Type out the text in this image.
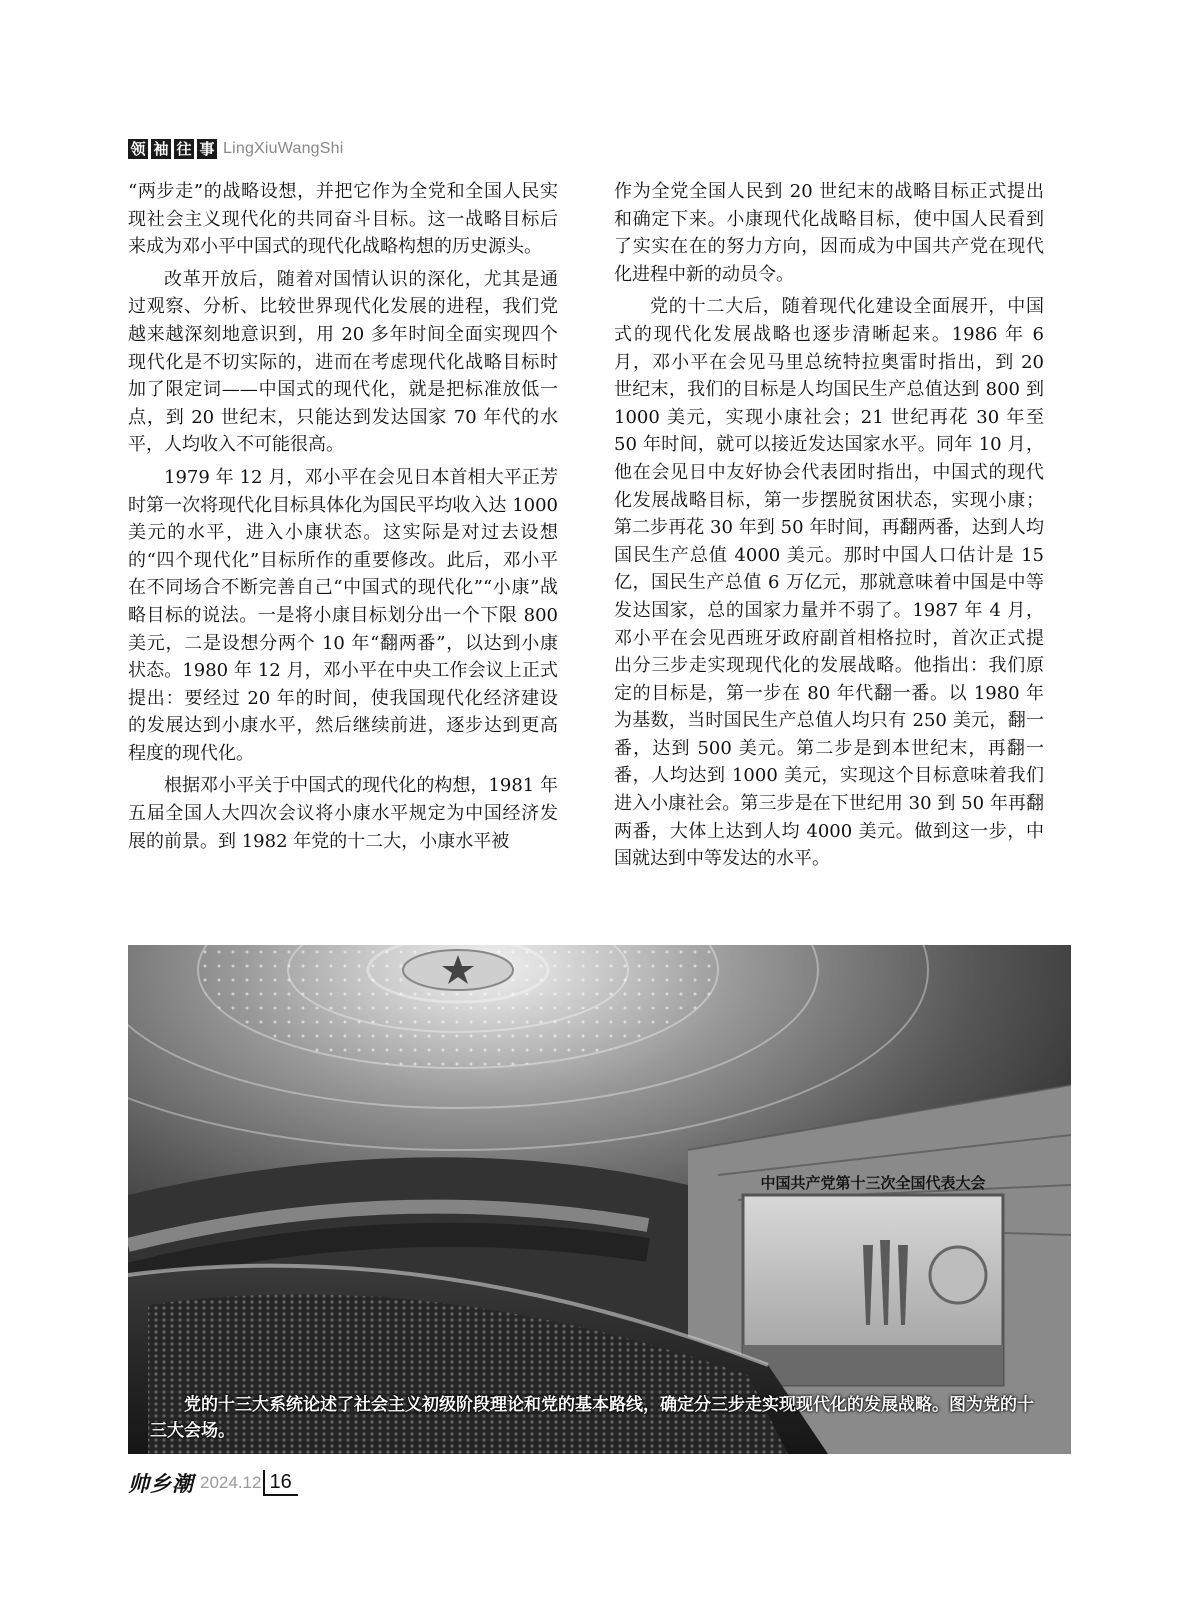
领 袖 往 事 LingXiuWangShi

“两步走”的战略设想，并把它作为全党和全国人民实现社会主义现代化的共同奋斗目标。这一战略目标后来成为邓小平中国式的现代化战略构想的历史源头。

改革开放后，随着对国情认识的深化，尤其是通过观察、分析、比较世界现代化发展的进程，我们党越来越深刻地意识到，用 20 多年时间全面实现四个现代化是不切实际的，进而在考虑现代化战略目标时加了限定词——中国式的现代化，就是把标准放低一点，到 20 世纪末，只能达到发达国家 70 年代的水平，人均收入不可能很高。

1979 年 12 月，邓小平在会见日本首相大平正芳时第一次将现代化目标具体化为国民平均收入达 1000 美元的水平，进入小康状态。这实际是对过去设想的“四个现代化”目标所作的重要修改。此后，邓小平在不同场合不断完善自己“中国式的现代化”“小康”战略目标的说法。一是将小康目标划分出一个下限 800 美元，二是设想分两个 10 年“翻两番”，以达到小康状态。1980 年 12 月，邓小平在中央工作会议上正式提出：要经过 20 年的时间，使我国现代化经济建设的发展达到小康水平，然后继续前进，逐步达到更高程度的现代化。

根据邓小平关于中国式的现代化的构想，1981 年五届全国人大四次会议将小康水平规定为中国经济发展的前景。到 1982 年党的十二大，小康水平被

作为全党全国人民到 20 世纪末的战略目标正式提出和确定下来。小康现代化战略目标，使中国人民看到了实实在在的努力方向，因而成为中国共产党在现代化进程中新的动员令。

党的十二大后，随着现代化建设全面展开，中国式的现代化发展战略也逐步清晰起来。1986 年 6 月，邓小平在会见马里总统特拉奥雷时指出，到 20 世纪末，我们的目标是人均国民生产总值达到 800 到 1000 美元，实现小康社会；21 世纪再花 30 年至 50 年时间，就可以接近发达国家水平。同年 10 月，他在会见日中友好协会代表团时指出，中国式的现代化发展战略目标，第一步摆脱贫困状态，实现小康；第二步再花 30 年到 50 年时间，再翻两番，达到人均国民生产总值 4000 美元。那时中国人口估计是 15 亿，国民生产总值 6 万亿元，那就意味着中国是中等发达国家，总的国家力量并不弱了。1987 年 4 月，邓小平在会见西班牙政府副首相格拉时，首次正式提出分三步走实现现代化的发展战略。他指出：我们原定的目标是，第一步在 80 年代翻一番。以 1980 年为基数，当时国民生产总值人均只有 250 美元，翻一番，达到 500 美元。第二步是到本世纪末，再翻一番，人均达到 1000 美元，实现这个目标意味着我们进入小康社会。第三步是在下世纪用 30 到 50 年再翻两番，大体上达到人均 4000 美元。做到这一步，中国就达到中等发达的水平。

中国共产党第十三次全国代表大会
党的十三大系统论述了社会主义初级阶段理论和党的基本路线，确定分三步走实现现代化的发展战略。图为党的十三大会场。
帅乡潮 2024.12 16
